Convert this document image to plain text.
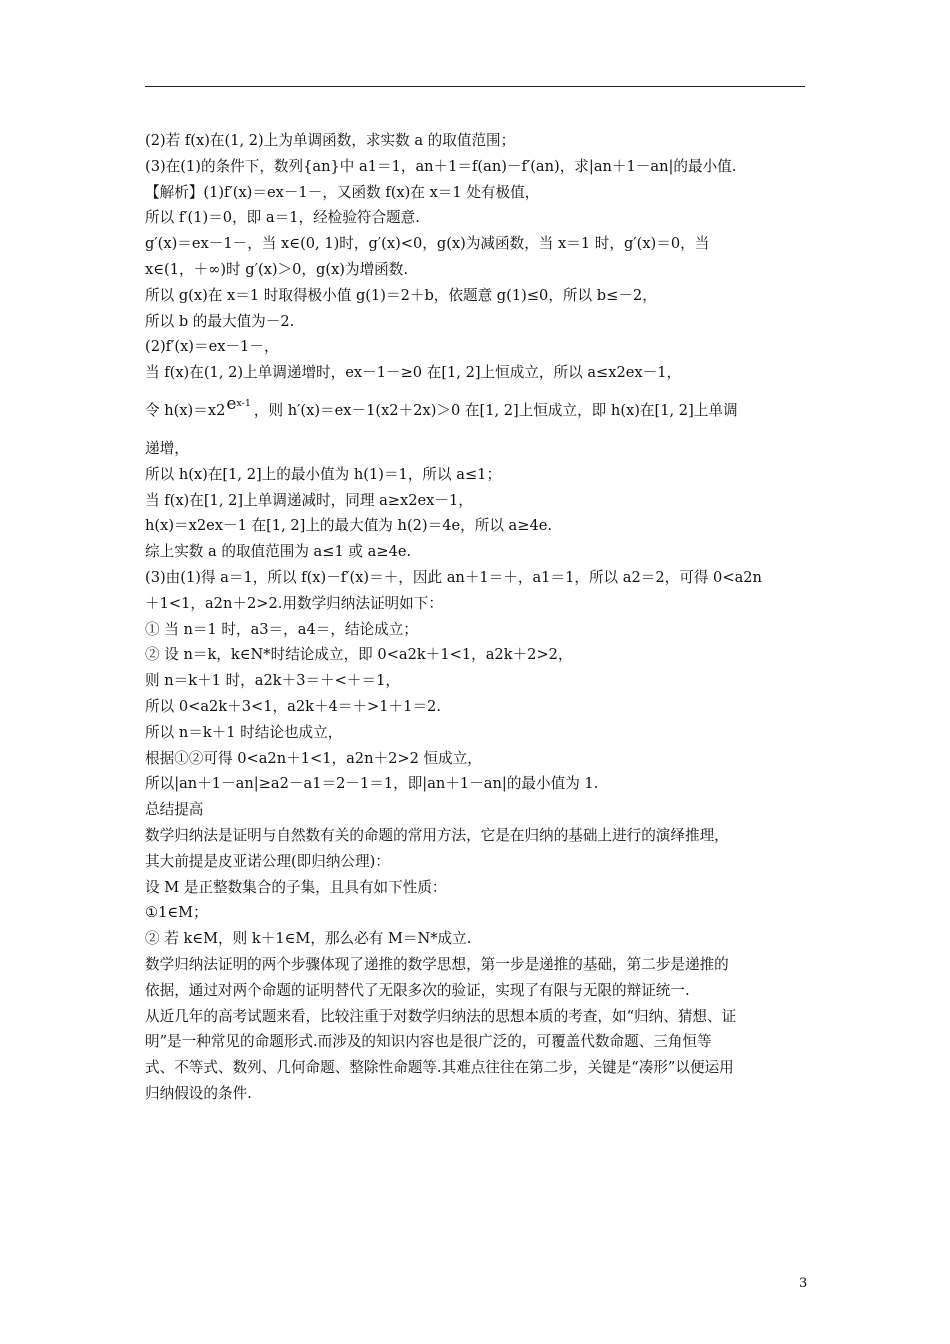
(2)若 f(x)在(1, 2)上为单调函数，求实数 a 的取值范围；
(3)在(1)的条件下，数列{an}中 a1＝1，an＋1＝f(an)－f′(an)，求|an＋1－an|的最小值.
【解析】(1)f′(x)＝ex－1－，又函数 f(x)在 x＝1 处有极值，
所以 f′(1)＝0，即 a＝1，经检验符合题意.
g′(x)＝ex－1－，当 x∈(0, 1)时，g′(x)<0，g(x)为减函数，当 x＝1 时，g′(x)＝0，当
x∈(1，＋∞)时 g′(x)＞0，g(x)为增函数.
所以 g(x)在 x＝1 时取得极小值 g(1)＝2＋b，依题意 g(1)≤0，所以 b≤－2，
所以 b 的最大值为－2.
(2)f′(x)＝ex－1－，
当 f(x)在(1, 2)上单调递增时，ex－1－≥0 在[1, 2]上恒成立，所以 a≤x2ex－1，
令 $h(x)=x2^{ex-1}$ ，则 h′(x)＝ex－1(x2＋2x)＞0 在[1, 2]上恒成立，即 h(x)在[1, 2]上单调
递增，
所以 h(x)在[1, 2]上的最小值为 h(1)＝1，所以 a≤1；
当 f(x)在[1, 2]上单调递减时，同理 a≥x2ex－1，
h(x)＝x2ex－1 在[1, 2]上的最大值为 h(2)＝4e，所以 a≥4e.
综上实数 a 的取值范围为 a≤1 或 a≥4e.
(3)由(1)得 a＝1，所以 f(x)－f′(x)＝＋，因此 an＋1＝＋，a1＝1，所以 a2＝2，可得 0<a2n
＋1<1，a2n＋2>2.用数学归纳法证明如下：
① 当 n＝1 时，a3＝，a4＝，结论成立；
② 设 n＝k，k∈N*时结论成立，即 0<a2k＋1<1，a2k＋2>2，
则 n＝k＋1 时，a2k＋3＝＋<＋＝1，
所以 0<a2k＋3<1，a2k＋4＝＋>1＋1＝2.
所以 n＝k＋1 时结论也成立，
根据①②可得 0<a2n＋1<1，a2n＋2>2 恒成立，
所以|an＋1－an|≥a2－a1＝2－1＝1，即|an＋1－an|的最小值为 1.
总结提高
数学归纳法是证明与自然数有关的命题的常用方法，它是在归纳的基础上进行的演绎推理，
其大前提是皮亚诺公理(即归纳公理)：
设 M 是正整数集合的子集，且具有如下性质：
①1∈M；
② 若 k∈M，则 k＋1∈M，那么必有 M＝N*成立.
数学归纳法证明的两个步骤体现了递推的数学思想，第一步是递推的基础，第二步是递推的
依据，通过对两个命题的证明替代了无限多次的验证，实现了有限与无限的辩证统一.
从近几年的高考试题来看，比较注重于对数学归纳法的思想本质的考查，如“归纳、猜想、证
明”是一种常见的命题形式.而涉及的知识内容也是很广泛的，可覆盖代数命题、三角恒等
式、不等式、数列、几何命题、整除性命题等.其难点往往在第二步，关键是“凑形”以便运用
归纳假设的条件.
3
